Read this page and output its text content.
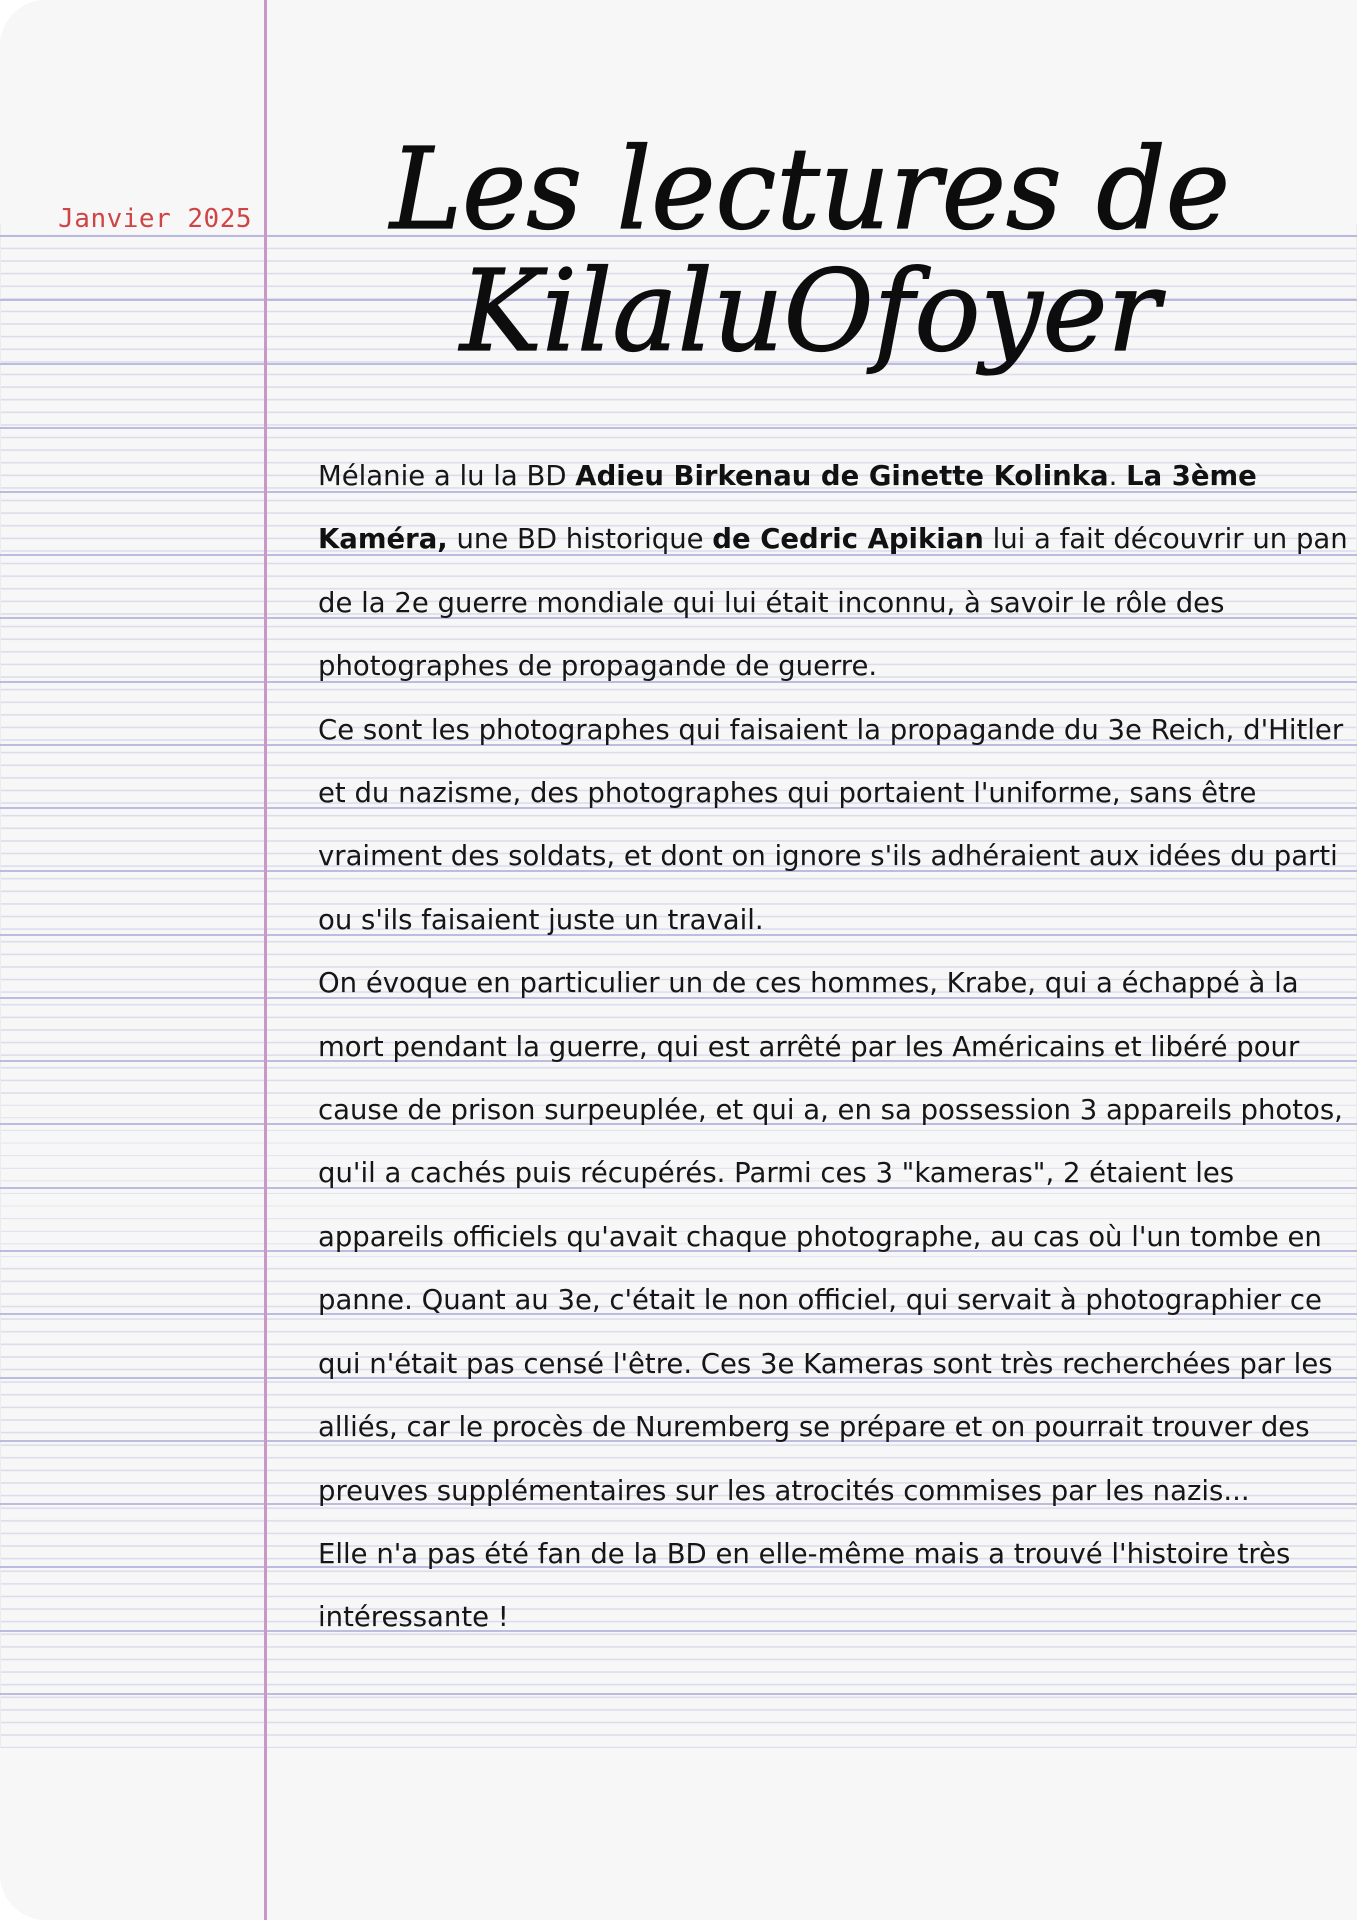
Janvier 2025 Les lectures de
KilaluOfoyer

Mélanie a lu la BD Adieu Birkenau de Ginette Kolinka. La 3ème Kaméra, une BD historique de Cedric Apikian lui a fait découvrir un pan de la 2e guerre mondiale qui lui était inconnu, à savoir le rôle des photographes de propagande de guerre.

Ce sont les photographes qui faisaient la propagande du 3e Reich, d'Hitler et du nazisme, des photographes qui portaient l'uniforme, sans être vraiment des soldats, et dont on ignore s'ils adhéraient aux idées du parti ou s'ils faisaient juste un travail.

On évoque en particulier un de ces hommes, Krabe, qui a échappé à la mort pendant la guerre, qui est arrêté par les Américains et libéré pour cause de prison surpeuplée, et qui a, en sa possession 3 appareils photos, qu'il a cachés puis récupérés. Parmi ces 3 "kameras", 2 étaient les appareils officiels qu'avait chaque photographe, au cas où l'un tombe en panne. Quant au 3e, c'était le non officiel, qui servait à photographier ce qui n'était pas censé l'être. Ces 3e Kameras sont très recherchées par les alliés, car le procès de Nuremberg se prépare et on pourrait trouver des preuves supplémentaires sur les atrocités commises par les nazis...

Elle n'a pas été fan de la BD en elle-même mais a trouvé l'histoire très intéressante !
